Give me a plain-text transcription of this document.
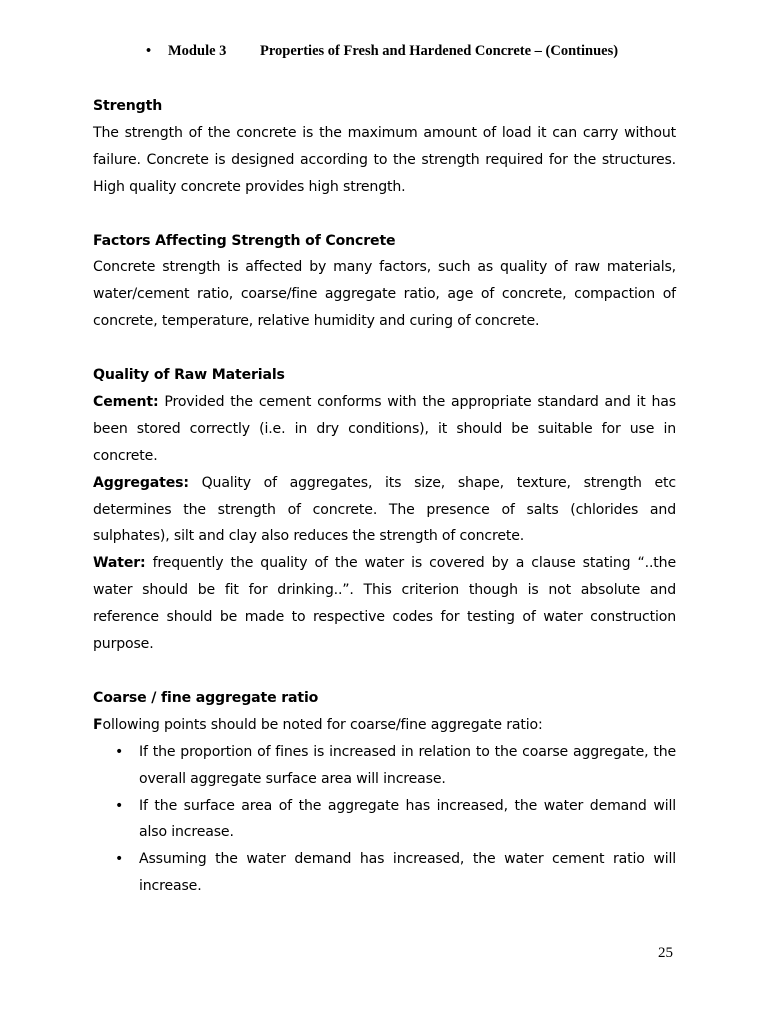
• Module 3 Properties of Fresh and Hardened Concrete – (Continues)

Strength

The strength of the concrete is the maximum amount of load it can carry without failure. Concrete is designed according to the strength required for the structures. High quality concrete provides high strength.

Factors Affecting Strength of Concrete

Concrete strength is affected by many factors, such as quality of raw materials, water/cement ratio, coarse/fine aggregate ratio, age of concrete, compaction of concrete, temperature, relative humidity and curing of concrete.

Quality of Raw Materials

Cement: Provided the cement conforms with the appropriate standard and it has been stored correctly (i.e. in dry conditions), it should be suitable for use in concrete.

Aggregates: Quality of aggregates, its size, shape, texture, strength etc determines the strength of concrete. The presence of salts (chlorides and sulphates), silt and clay also reduces the strength of concrete.

Water: frequently the quality of the water is covered by a clause stating “..the water should be fit for drinking..”. This criterion though is not absolute and reference should be made to respective codes for testing of water construction purpose.

Coarse / fine aggregate ratio

Following points should be noted for coarse/fine aggregate ratio:

• If the proportion of fines is increased in relation to the coarse aggregate, the overall aggregate surface area will increase.
• If the surface area of the aggregate has increased, the water demand will also increase.
• Assuming the water demand has increased, the water cement ratio will increase.
25
